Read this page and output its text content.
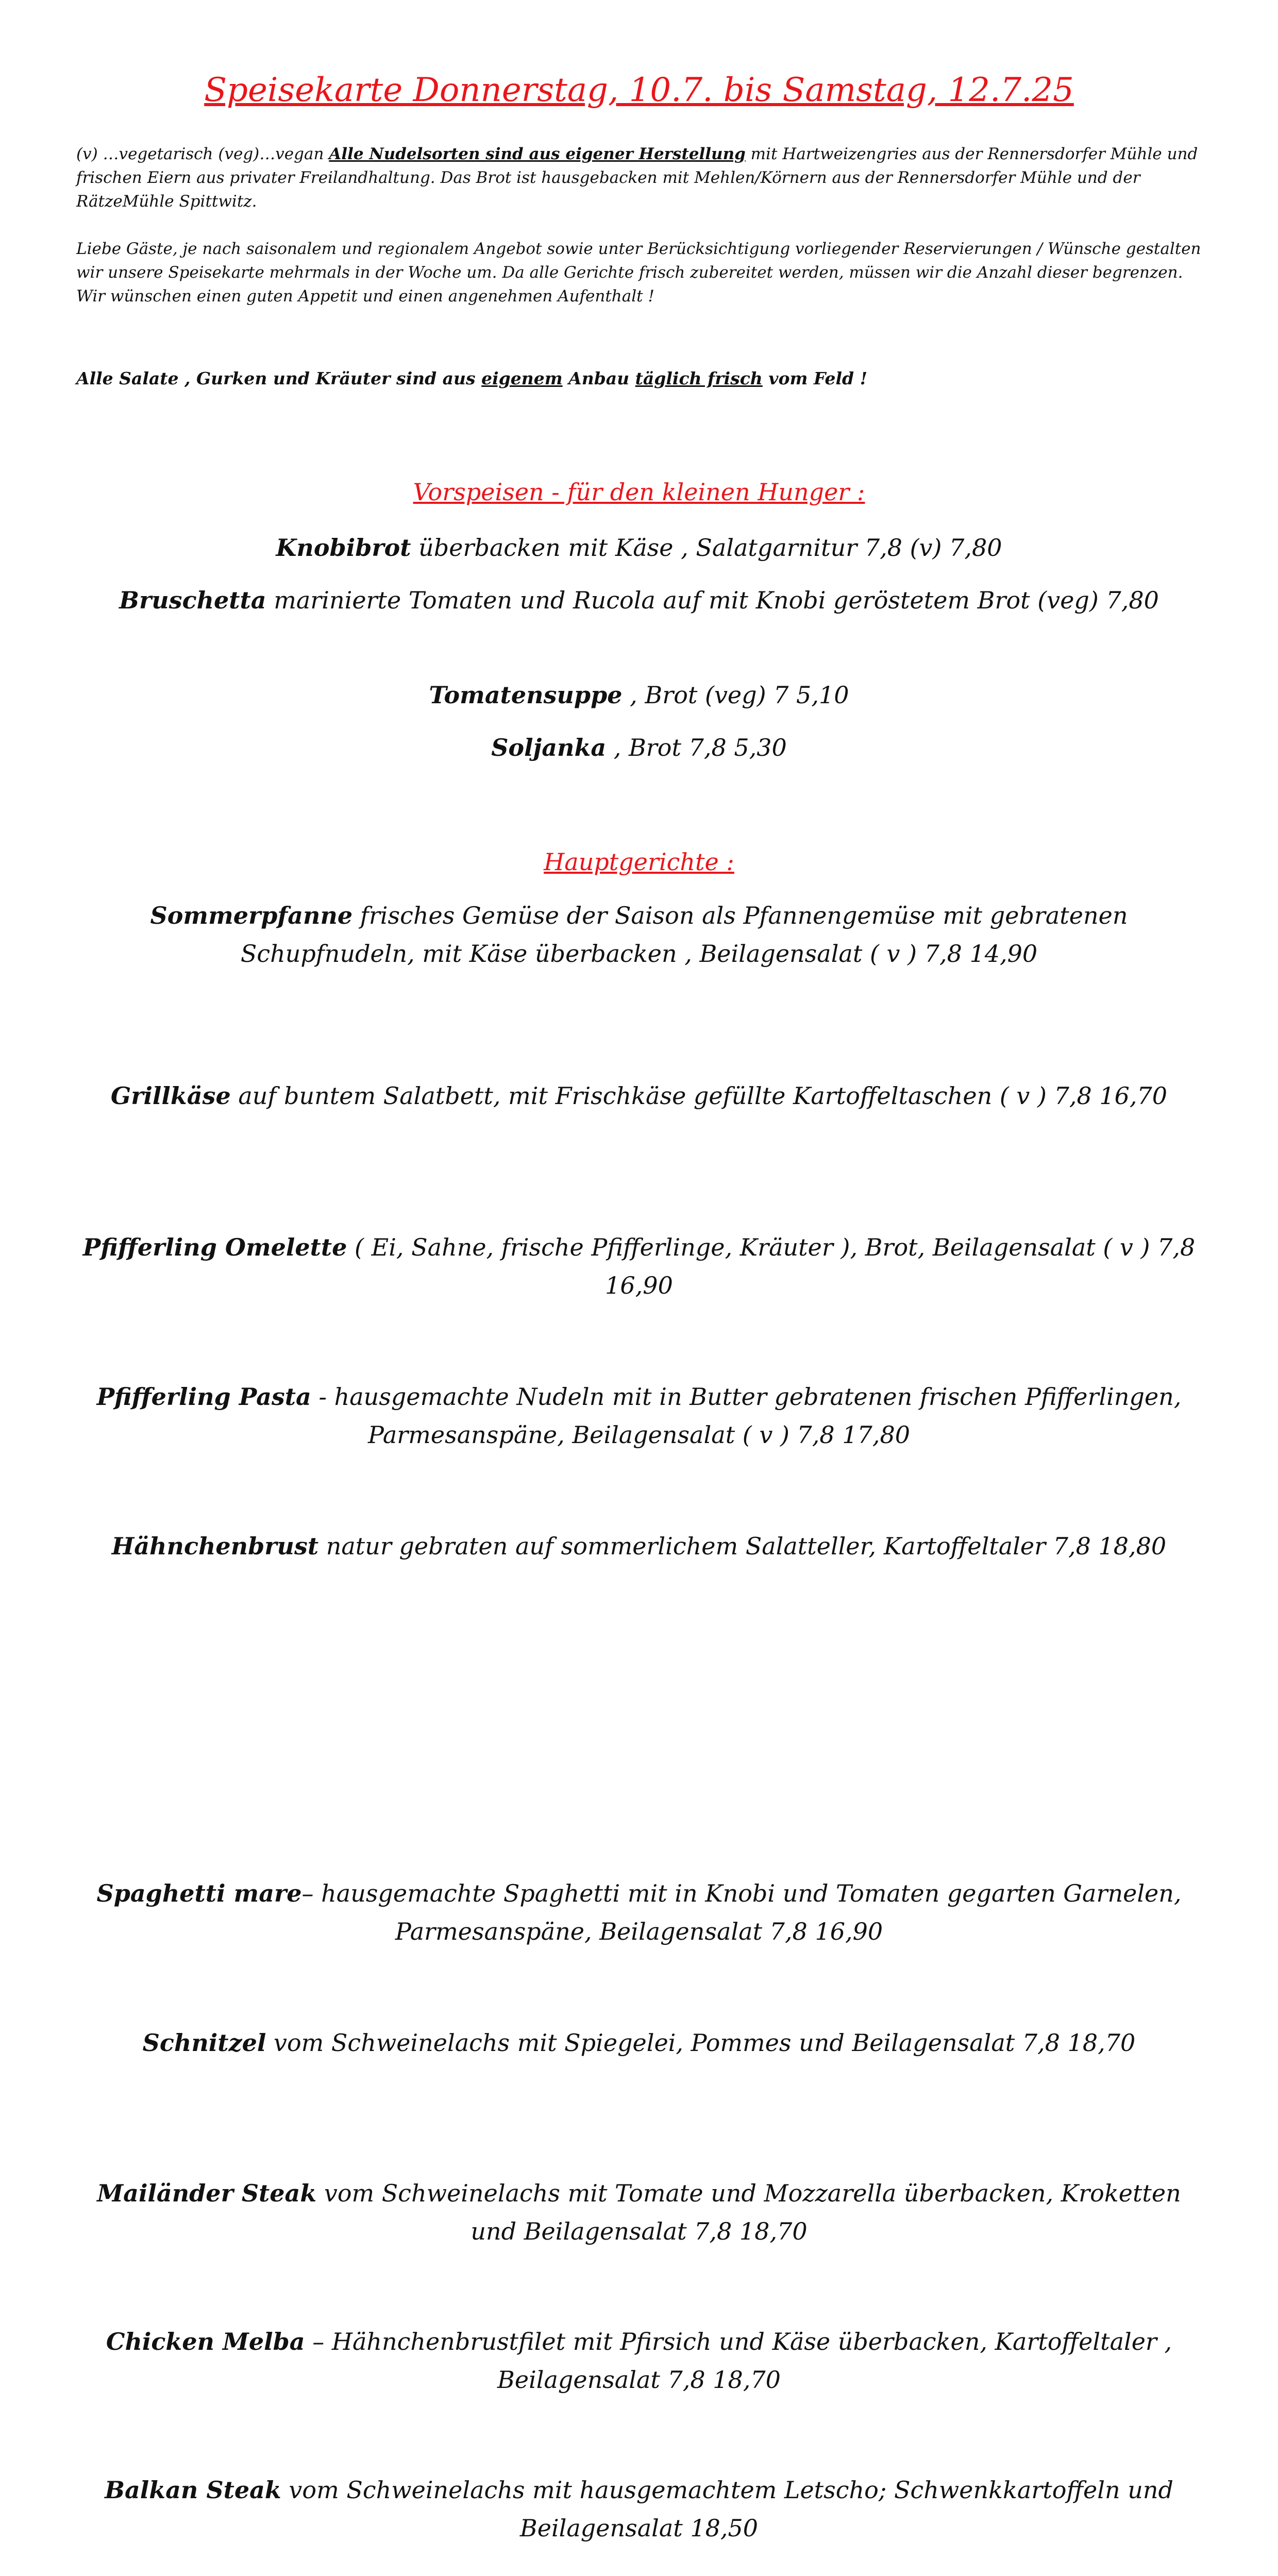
Speisekarte Donnerstag, 10.7. bis Samstag, 12.7.25
(v) …vegetarisch (veg)…vegan Alle Nudelsorten sind aus eigener Herstellung mit Hartweizengries aus der Rennersdorfer Mühle und frischen Eiern aus privater Freilandhaltung. Das Brot ist hausgebacken mit Mehlen/Körnern aus der Rennersdorfer Mühle und der RätzeMühle Spittwitz.
Liebe Gäste, je nach saisonalem und regionalem Angebot sowie unter Berücksichtigung vorliegender Reservierungen / Wünsche gestalten wir unsere Speisekarte mehrmals in der Woche um. Da alle Gerichte frisch zubereitet werden, müssen wir die Anzahl dieser begrenzen. Wir wünschen einen guten Appetit und einen angenehmen Aufenthalt !
Alle Salate , Gurken und Kräuter sind aus eigenem Anbau täglich frisch vom Feld !
Vorspeisen - für den kleinen Hunger :
Knobibrot überbacken mit Käse , Salatgarnitur 7,8 (v) 7,80
Bruschetta marinierte Tomaten und Rucola auf mit Knobi geröstetem Brot (veg) 7,80
Tomatensuppe , Brot (veg) 7 5,10
Soljanka , Brot 7,8 5,30
Hauptgerichte :
Sommerpfanne frisches Gemüse der Saison als Pfannengemüse mit gebratenen Schupfnudeln, mit Käse überbacken , Beilagensalat ( v ) 7,8 14,90
Grillkäse auf buntem Salatbett, mit Frischkäse gefüllte Kartoffeltaschen ( v ) 7,8 16,70
Pfifferling Omelette ( Ei, Sahne, frische Pfifferlinge, Kräuter ), Brot, Beilagensalat ( v ) 7,8 16,90
Pfifferling Pasta - hausgemachte Nudeln mit in Butter gebratenen frischen Pfifferlingen, Parmesanspäne, Beilagensalat ( v ) 7,8 17,80
Hähnchenbrust natur gebraten auf sommerlichem Salatteller, Kartoffeltaler 7,8 18,80
Spaghetti mare– hausgemachte Spaghetti mit in Knobi und Tomaten gegarten Garnelen, Parmesanspäne, Beilagensalat 7,8 16,90
Schnitzel vom Schweinelachs mit Spiegelei, Pommes und Beilagensalat 7,8 18,70
Mailänder Steak vom Schweinelachs mit Tomate und Mozzarella überbacken, Kroketten und Beilagensalat 7,8 18,70
Chicken Melba – Hähnchenbrustfilet mit Pfirsich und Käse überbacken, Kartoffeltaler , Beilagensalat 7,8 18,70
Balkan Steak vom Schweinelachs mit hausgemachtem Letscho; Schwenkkartoffeln und Beilagensalat 18,50
